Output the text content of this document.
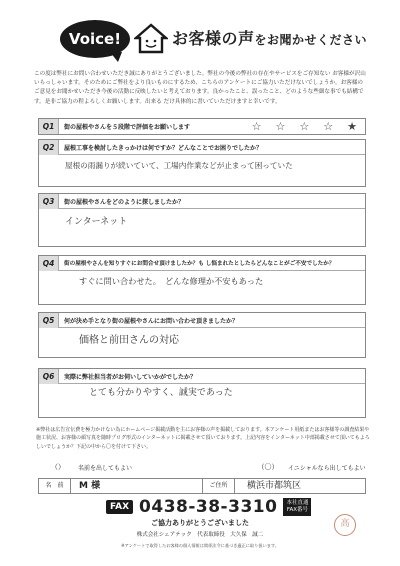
Voice!	お客様の声をお聞かせください
この度は弊社にお問い合わせいただき誠にありがとうございました。弊社の今後の弊社の存在やサービスをご存知ない お客様が沢山いらっしゃいます。そのためにご弊社をより良いものにするため、こちらのアンケートにご協力いただけないでしょうか。お客様のご意見をお聞かせいただき今後の活動に反映したいと考えております。良かったこと、誤ったこと、どのような些細な事でも結構です。是非ご協力の程よろしくお願いします。出来る だけ具体的に書いていただけますと幸いです。
Q1	街の屋根やさんを５段階で評価をお願いします	☆ ☆ ☆ ☆ ★
Q2	屋根工事を検討したきっかけは何ですか？どんなことでお困りでしたか？
屋根の雨漏りが続いていて、工場内作業などが止まって困っていた
Q3	街の屋根やさんをどのように探しましたか？
インターネット
Q4	街の屋根やさんを知りすぐにお問合せ頂けましたか？も し悩まれたとしたらどんなことがご不安でしたか？
すぐに問い合わせた。　どんな修理か不安もあった
Q5	何が決め手となり街の屋根やさんにお問い合わせ頂きましたか？
価格と前田さんの対応
Q6	実際に弊社担当者がお伺いしていかがでしたか？
とても分かりやすく、誠実であった
※弊社は広告宣伝費を極力かけない為にホームページ掲載活動を主にお客様の声を掲載しております。本アンケート用紙またはお客様等の調査結果や施工状況、お客様の顔写真を随時プログ形式のインターネットに掲載させて頂いております。上記内容をインターネット中部掲載させて頂いてもよろしいでしょうか？下記の中から〇を付けて下さい。
（）	名前を出してもよい	（〇）	イニシャルなら出してもよい
名　前	M 様	ご住所	横浜市都筑区
FAX 0438-38-3310	本社直通
FAX番号
ご協力ありがとうございました
株式会社シェアテック　代表取締役　大久保　誠二
※アンケートで取得したお客様の個人情報は関係法令に基づき適正に取り扱います。
高
